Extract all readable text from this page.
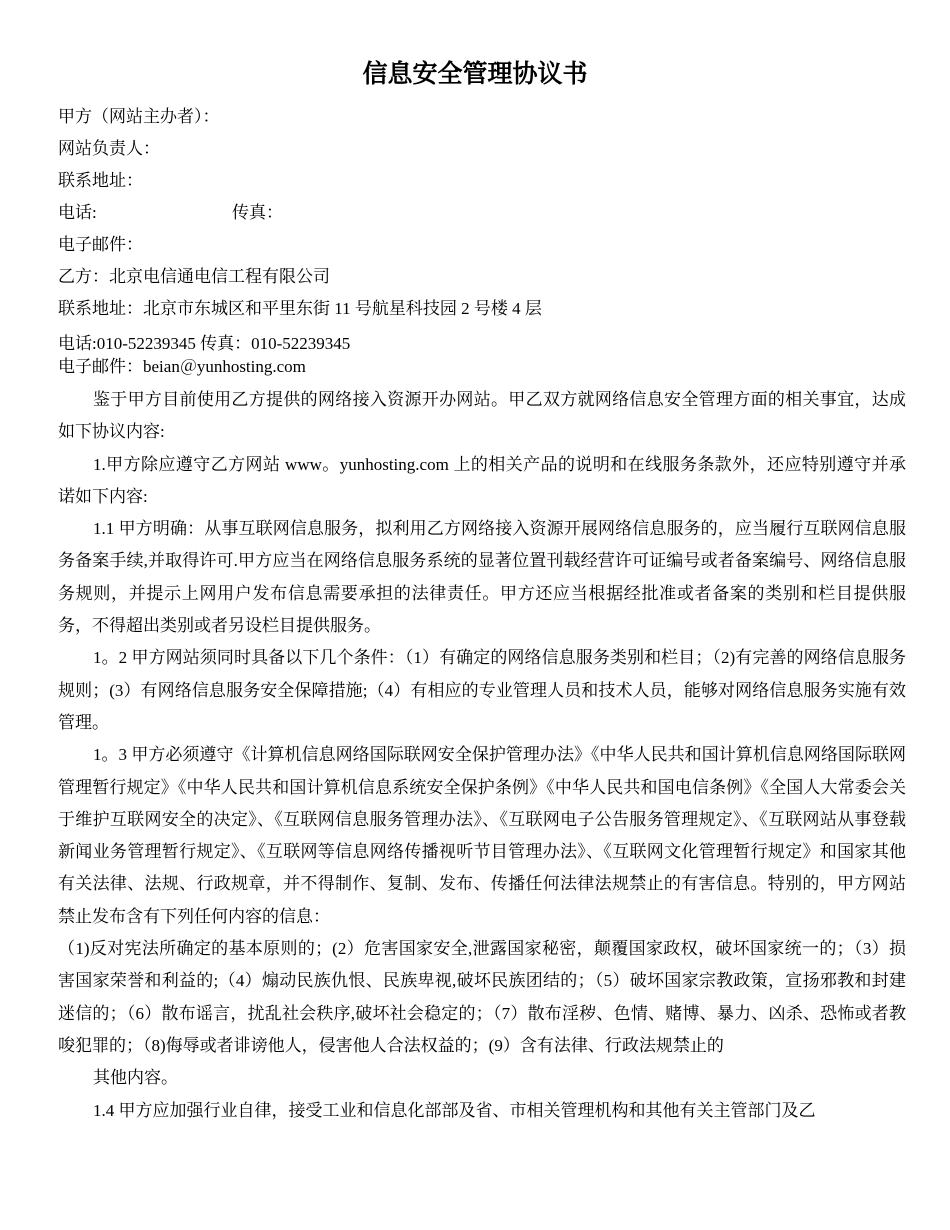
信息安全管理协议书

甲方（网站主办者）：

网站负责人：

联系地址：

电话:	传真：

电子邮件：

乙方：北京电信通电信工程有限公司

联系地址：北京市东城区和平里东街 11 号航星科技园 2 号楼 4 层

电话:010-52239345 传真：010-52239345

电子邮件：beian＠yunhosting.com

鉴于甲方目前使用乙方提供的网络接入资源开办网站。甲乙双方就网络信息安全管理方面的相关事宜，达成如下协议内容:

1.甲方除应遵守乙方网站 www。yunhosting.com 上的相关产品的说明和在线服务条款外，还应特别遵守并承诺如下内容:

1.1 甲方明确：从事互联网信息服务，拟利用乙方网络接入资源开展网络信息服务的，应当履行互联网信息服务备案手续,并取得许可.甲方应当在网络信息服务系统的显著位置刊载经营许可证编号或者备案编号、网络信息服务规则，并提示上网用户发布信息需要承担的法律责任。甲方还应当根据经批准或者备案的类别和栏目提供服务，不得超出类别或者另设栏目提供服务。

1。2 甲方网站须同时具备以下几个条件：（1）有确定的网络信息服务类别和栏目；（2)有完善的网络信息服务规则；(3）有网络信息服务安全保障措施;（4）有相应的专业管理人员和技术人员，能够对网络信息服务实施有效管理。

1。3 甲方必须遵守《计算机信息网络国际联网安全保护管理办法》《中华人民共和国计算机信息网络国际联网管理暂行规定》《中华人民共和国计算机信息系统安全保护条例》《中华人民共和国电信条例》《全国人大常委会关于维护互联网安全的决定》、《互联网信息服务管理办法》、《互联网电子公告服务管理规定》、《互联网站从事登载新闻业务管理暂行规定》、《互联网等信息网络传播视听节目管理办法》、《互联网文化管理暂行规定》和国家其他有关法律、法规、行政规章，并不得制作、复制、发布、传播任何法律法规禁止的有害信息。特别的，甲方网站禁止发布含有下列任何内容的信息：

（1)反对宪法所确定的基本原则的；(2）危害国家安全,泄露国家秘密，颠覆国家政权，破坏国家统一的；（3）损害国家荣誉和利益的;（4）煽动民族仇恨、民族卑视,破坏民族团结的；（5）破坏国家宗教政策，宣扬邪教和封建迷信的；（6）散布谣言，扰乱社会秩序,破坏社会稳定的；（7）散布淫秽、色情、赌博、暴力、凶杀、恐怖或者教唆犯罪的；（8)侮辱或者诽谤他人，侵害他人合法权益的；(9）含有法律、行政法规禁止的

其他内容。

1.4 甲方应加强行业自律，接受工业和信息化部部及省、市相关管理机构和其他有关主管部门及乙
